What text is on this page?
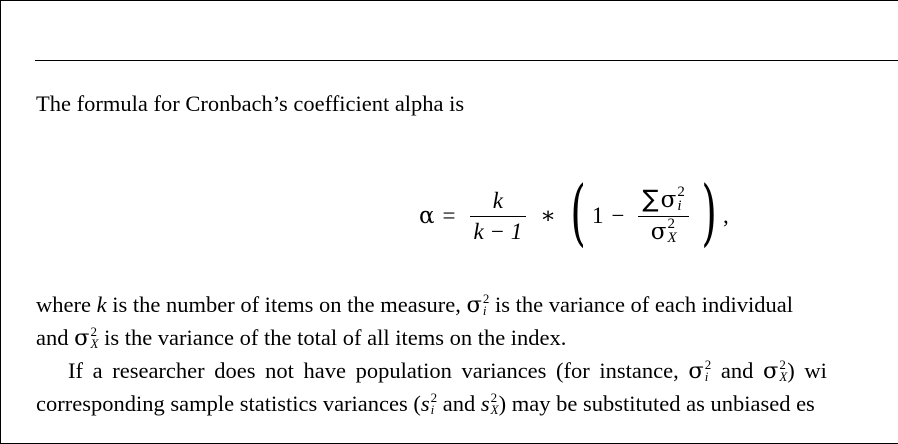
The formula for Cronbach’s coefficient alpha is
$\alpha = \frac{k}{k - 1}$ ∗ ( 1 − ∑σ 2
i
σ 2
X ) ,
where k is the number of items on the measure, σ 2
i is the variance of each individual
and σ 2
X is the variance of the total of all items on the index.
If a researcher does not have population variances (for instance, σ 2
i and σ 2
X ) wi
corresponding sample statistics variances (s 2
i and s 2
X ) may be substituted as unbiased es
